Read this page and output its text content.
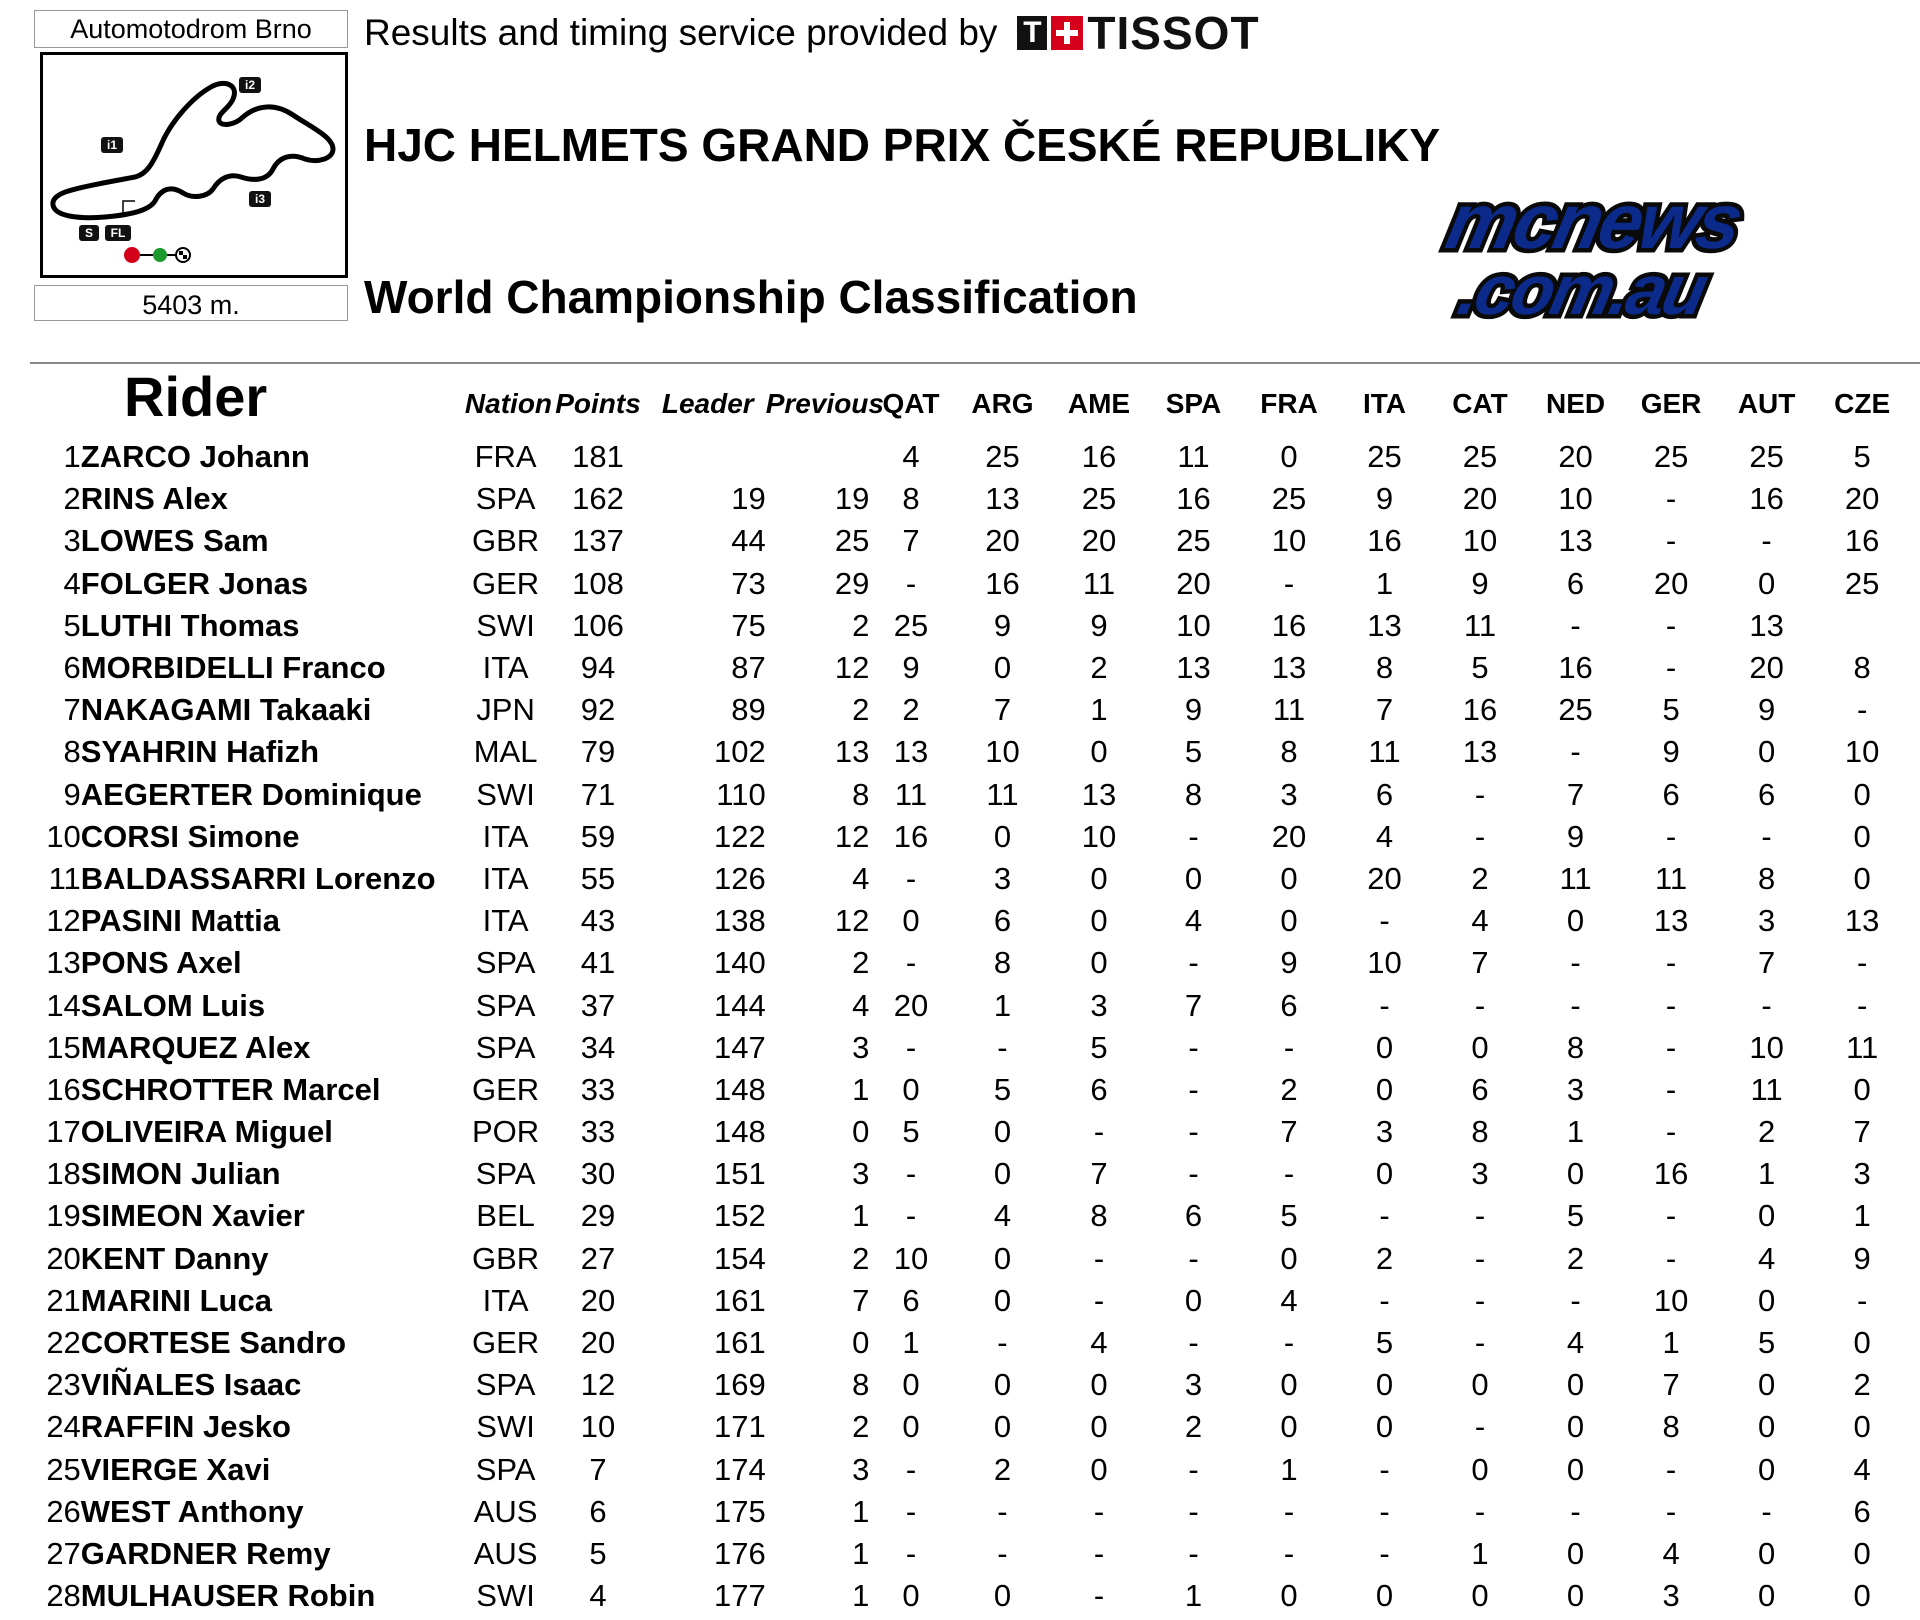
Automotodrom Brno
i1
i2
i3
S FL
5403 m.
Results and timing service provided by T TISSOT
HJC HELMETS GRAND PRIX ČESKÉ REPUBLIKY
World Championship Classification
mcnews
.com.au
Rider		Nation	Points	Leader	Previous	QAT	ARG	AME	SPA	FRA	ITA	CAT	NED	GER	AUT	CZE
1	ZARCO Johann	FRA	181			4	25	16	11	0	25	25	20	25	25	5
2	RINS Alex	SPA	162	19	19	8	13	25	16	25	9	20	10	-	16	20
3	LOWES Sam	GBR	137	44	25	7	20	20	25	10	16	10	13	-	-	16
4	FOLGER Jonas	GER	108	73	29	-	16	11	20	-	1	9	6	20	0	25
5	LUTHI Thomas	SWI	106	75	2	25	9	9	10	16	13	11	-	-	13	
6	MORBIDELLI Franco	ITA	94	87	12	9	0	2	13	13	8	5	16	-	20	8
7	NAKAGAMI Takaaki	JPN	92	89	2	2	7	1	9	11	7	16	25	5	9	-
8	SYAHRIN Hafizh	MAL	79	102	13	13	10	0	5	8	11	13	-	9	0	10
9	AEGERTER Dominique	SWI	71	110	8	11	11	13	8	3	6	-	7	6	6	0
10	CORSI Simone	ITA	59	122	12	16	0	10	-	20	4	-	9	-	-	0
11	BALDASSARRI Lorenzo	ITA	55	126	4	-	3	0	0	0	20	2	11	11	8	0
12	PASINI Mattia	ITA	43	138	12	0	6	0	4	0	-	4	0	13	3	13
13	PONS Axel	SPA	41	140	2	-	8	0	-	9	10	7	-	-	7	-
14	SALOM Luis	SPA	37	144	4	20	1	3	7	6	-	-	-	-	-	-
15	MARQUEZ Alex	SPA	34	147	3	-	-	5	-	-	0	0	8	-	10	11
16	SCHROTTER Marcel	GER	33	148	1	0	5	6	-	2	0	6	3	-	11	0
17	OLIVEIRA Miguel	POR	33	148	0	5	0	-	-	7	3	8	1	-	2	7
18	SIMON Julian	SPA	30	151	3	-	0	7	-	-	0	3	0	16	1	3
19	SIMEON Xavier	BEL	29	152	1	-	4	8	6	5	-	-	5	-	0	1
20	KENT Danny	GBR	27	154	2	10	0	-	-	0	2	-	2	-	4	9
21	MARINI Luca	ITA	20	161	7	6	0	-	0	4	-	-	-	10	0	-
22	CORTESE Sandro	GER	20	161	0	1	-	4	-	-	5	-	4	1	5	0
23	VIÑALES Isaac	SPA	12	169	8	0	0	0	3	0	0	0	0	7	0	2
24	RAFFIN Jesko	SWI	10	171	2	0	0	0	2	0	0	-	0	8	0	0
25	VIERGE Xavi	SPA	7	174	3	-	2	0	-	1	-	0	0	-	0	4
26	WEST Anthony	AUS	6	175	1	-	-	-	-	-	-	-	-	-	-	6
27	GARDNER Remy	AUS	5	176	1	-	-	-	-	-	-	1	0	4	0	0
28	MULHAUSER Robin	SWI	4	177	1	0	0	-	1	0	0	0	0	3	0	0
